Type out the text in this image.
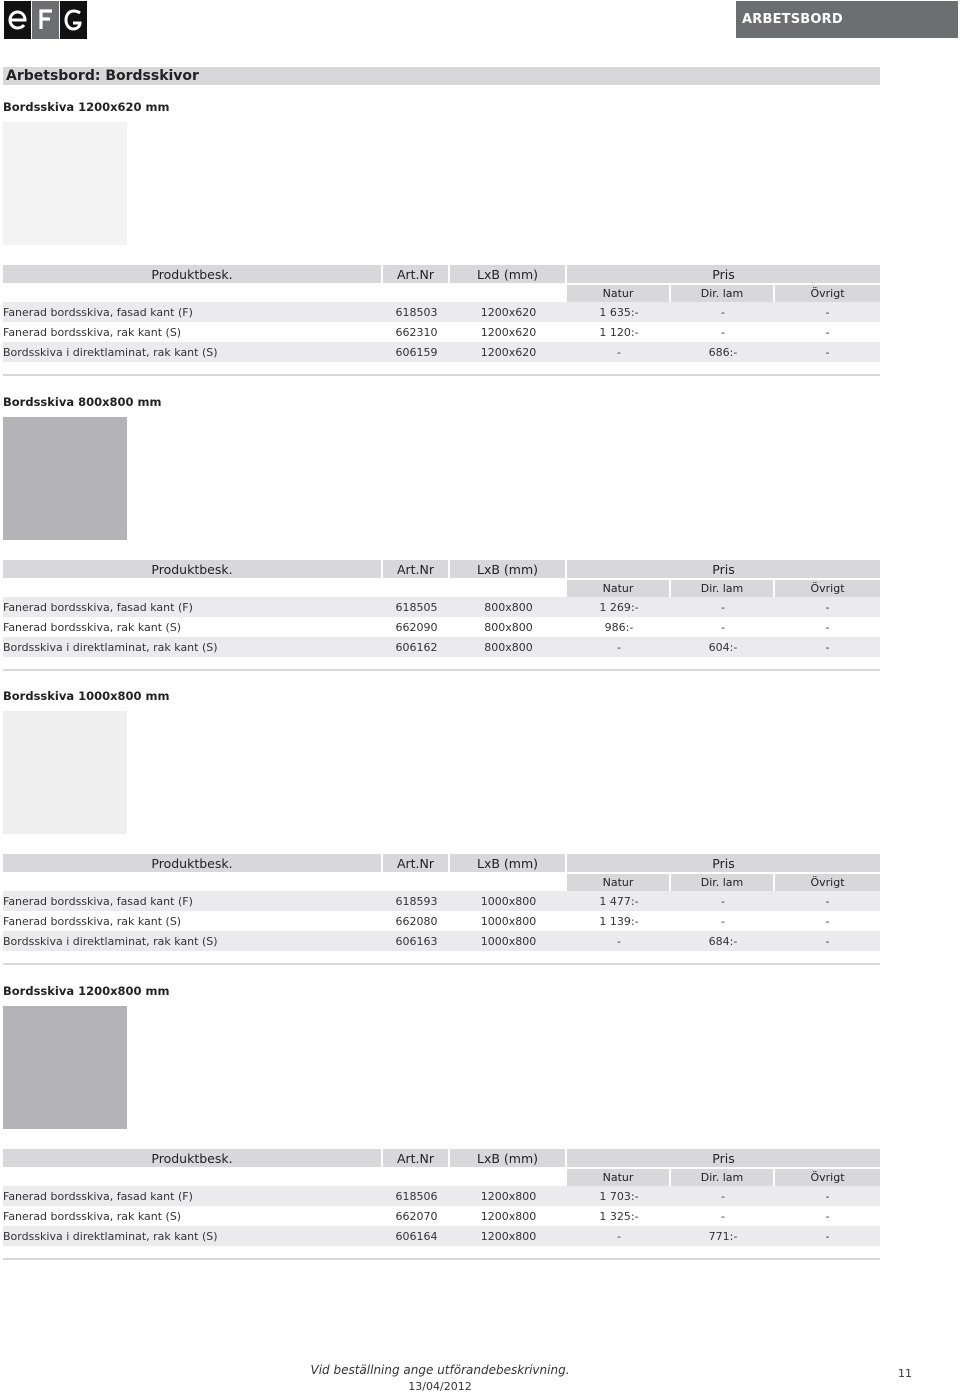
ARBETSBORD
Arbetsbord: Bordsskivor
Bordsskiva 1200x620 mm
Produktbesk.	Art.Nr	LxB (mm)	Pris		
			Natur	Dir. lam	Övrigt
Fanerad bordsskiva, fasad kant (F)	618503	1200x620	1 635:-	-	-
Fanerad bordsskiva, rak kant (S)	662310	1200x620	1 120:-	-	-
Bordsskiva i direktlaminat, rak kant (S)	606159	1200x620	-	686:-	-
Bordsskiva 800x800 mm
Produktbesk.	Art.Nr	LxB (mm)	Pris		
			Natur	Dir. lam	Övrigt
Fanerad bordsskiva, fasad kant (F)	618505	800x800	1 269:-	-	-
Fanerad bordsskiva, rak kant (S)	662090	800x800	986:-	-	-
Bordsskiva i direktlaminat, rak kant (S)	606162	800x800	-	604:-	-
Bordsskiva 1000x800 mm
Produktbesk.	Art.Nr	LxB (mm)	Pris		
			Natur	Dir. lam	Övrigt
Fanerad bordsskiva, fasad kant (F)	618593	1000x800	1 477:-	-	-
Fanerad bordsskiva, rak kant (S)	662080	1000x800	1 139:-	-	-
Bordsskiva i direktlaminat, rak kant (S)	606163	1000x800	-	684:-	-
Bordsskiva 1200x800 mm
Produktbesk.	Art.Nr	LxB (mm)	Pris		
			Natur	Dir. lam	Övrigt
Fanerad bordsskiva, fasad kant (F)	618506	1200x800	1 703:-	-	-
Fanerad bordsskiva, rak kant (S)	662070	1200x800	1 325:-	-	-
Bordsskiva i direktlaminat, rak kant (S)	606164	1200x800	-	771:-	-
Vid beställning ange utförandebeskrivning.
13/04/2012
11
